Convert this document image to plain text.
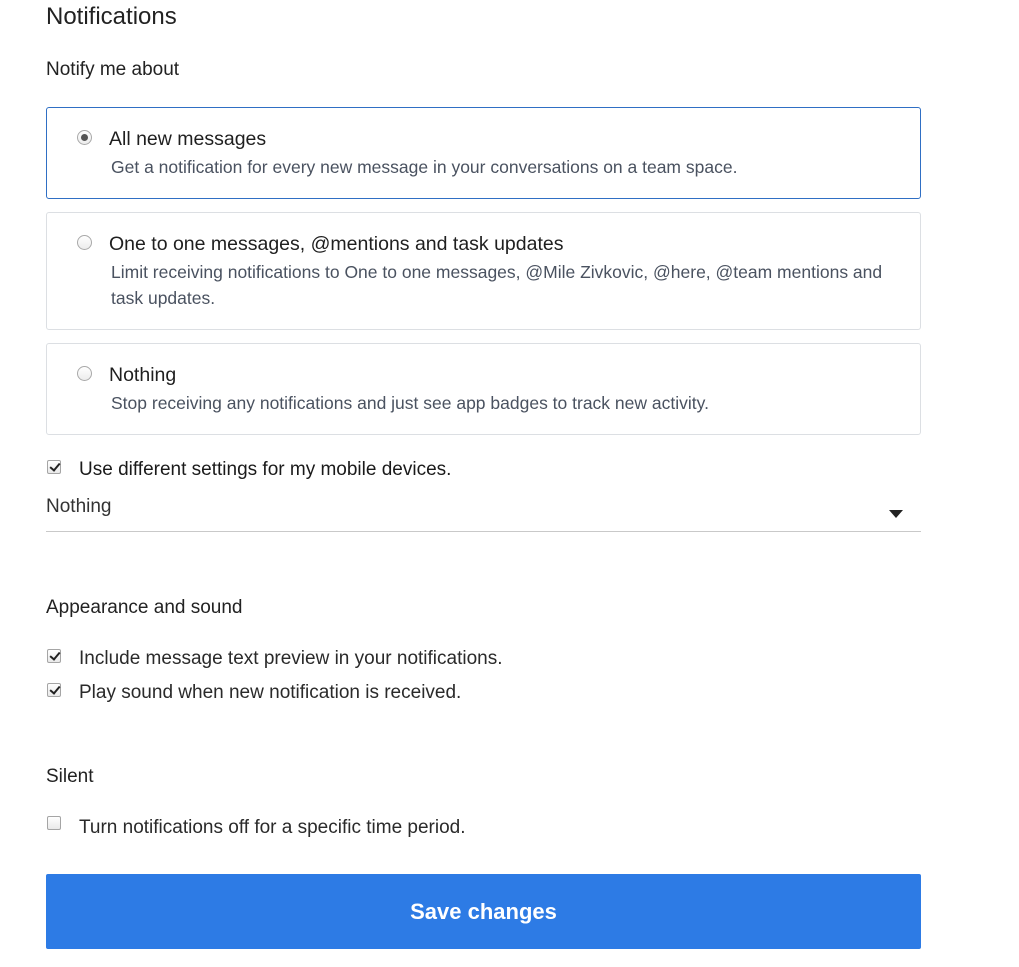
Notifications
Notify me about
All new messages
Get a notification for every new message in your conversations on a team space.
One to one messages, @mentions and task updates
Limit receiving notifications to One to one messages, @Mile Zivkovic, @here, @team mentions and task updates.
Nothing
Stop receiving any notifications and just see app badges to track new activity.
Use different settings for my mobile devices.
Nothing
Appearance and sound
Include message text preview in your notifications.
Play sound when new notification is received.
Silent
Turn notifications off for a specific time period.
Save changes
